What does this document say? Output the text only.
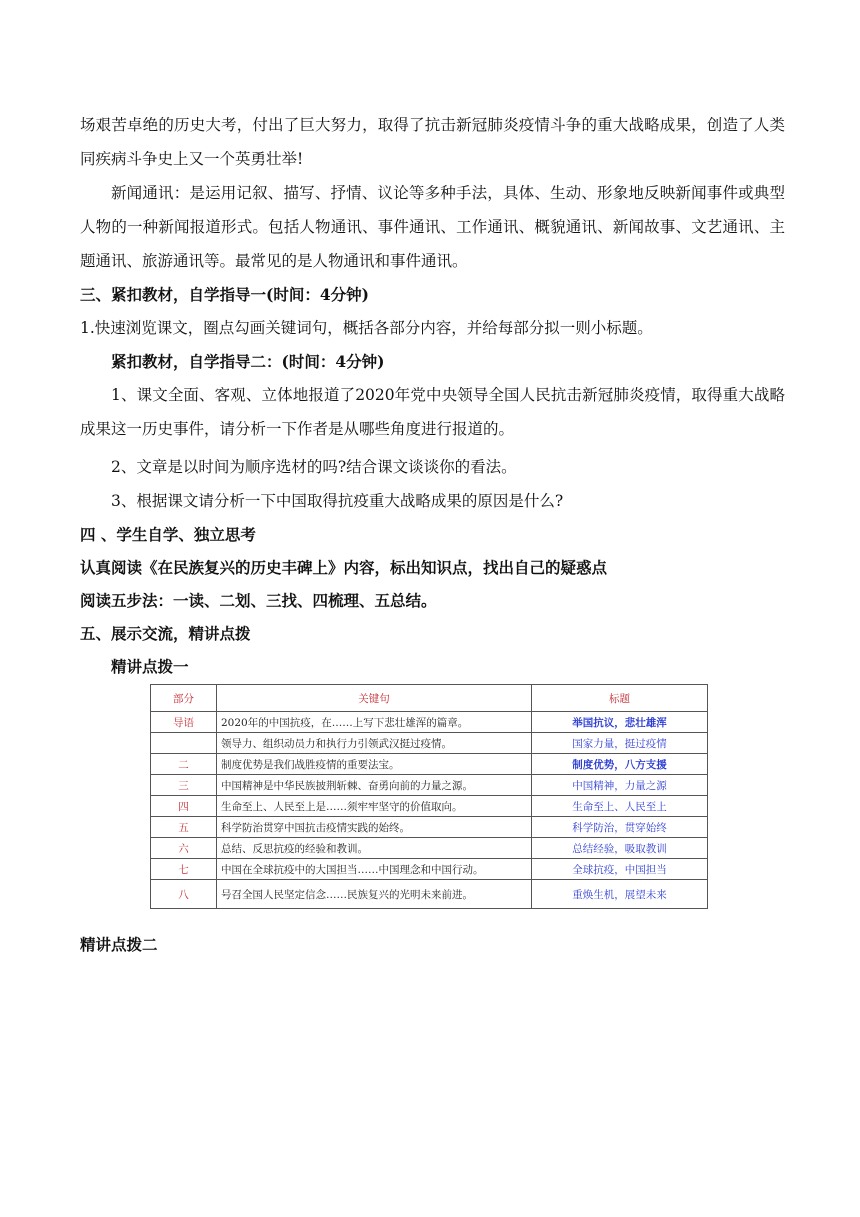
场艰苦卓绝的历史大考，付出了巨大努力，取得了抗击新冠肺炎疫情斗争的重大战略成果，创造了人类同疾病斗争史上又一个英勇壮举!

新闻通讯：是运用记叙、描写、抒情、议论等多种手法，具体、生动、形象地反映新闻事件或典型人物的一种新闻报道形式。包括人物通讯、事件通讯、工作通讯、概貌通讯、新闻故事、文艺通讯、主题通讯、旅游通讯等。最常见的是人物通讯和事件通讯。

三、紧扣教材，自学指导一(时间：4分钟)

1.快速浏览课文，圈点勾画关键词句，概括各部分内容，并给每部分拟一则小标题。

紧扣教材，自学指导二：(时间：4分钟)

1、课文全面、客观、立体地报道了2020年党中央领导全国人民抗击新冠肺炎疫情，取得重大战略成果这一历史事件，请分析一下作者是从哪些角度进行报道的。

2、文章是以时间为顺序选材的吗?结合课文谈谈你的看法。

3、根据课文请分析一下中国取得抗疫重大战略成果的原因是什么?

四 、学生自学、独立思考

认真阅读《在民族复兴的历史丰碑上》内容，标出知识点，找出自己的疑惑点

阅读五步法：一读、二划、三找、四梳理、五总结。

五、展示交流，精讲点拨

精讲点拨一

部分	关键句	标题
导语	2020年的中国抗疫，在……上写下悲壮雄浑的篇章。	举国抗议，悲壮雄浑
	领导力、组织动员力和执行力引领武汉挺过疫情。	国家力量，挺过疫情
二	制度优势是我们战胜疫情的重要法宝。	制度优势，八方支援
三	中国精神是中华民族披荆斩棘、奋勇向前的力量之源。	中国精神，力量之源
四	生命至上、人民至上是……须牢牢坚守的价值取向。	生命至上、人民至上
五	科学防治贯穿中国抗击疫情实践的始终。	科学防治，贯穿始终
六	总结、反思抗疫的经验和教训。	总结经验，吸取教训
七	中国在全球抗疫中的大国担当……中国理念和中国行动。	全球抗疫，中国担当
八	号召全国人民坚定信念……民族复兴的光明未来前进。	重焕生机，展望未来

精讲点拨二
